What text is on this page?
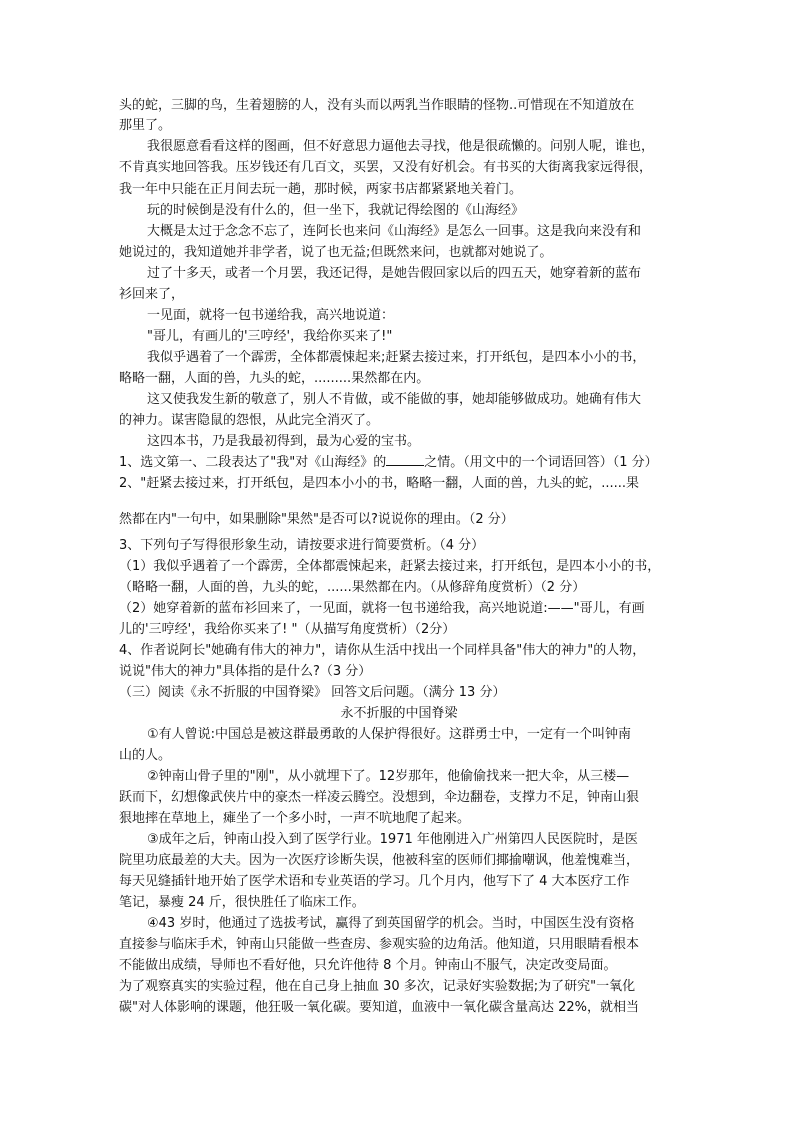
头的蛇，三脚的鸟，生着翅膀的人，没有头而以两乳当作眼睛的怪物..可惜现在不知道放在
那里了。
我很愿意看看这样的图画，但不好意思力逼他去寻找，他是很疏懒的。问别人呢，谁也，
不肯真实地回答我。压岁钱还有几百文，买罢，又没有好机会。有书买的大街离我家远得很，
我一年中只能在正月间去玩一趟，那时候，两家书店都紧紧地关着门。
玩的时候倒是没有什么的，但一坐下，我就记得绘图的《山海经》
大概是太过于念念不忘了，连阿长也来问《山海经》是怎么一回事。这是我向来没有和
她说过的，我知道她并非学者，说了也无益;但既然来问，也就都对她说了。
过了十多天，或者一个月罢，我还记得，是她告假回家以后的四五天，她穿着新的蓝布
衫回来了，
一见面，就将一包书递给我，高兴地说道：
"哥儿，有画儿的'三哼经'，我给你买来了!"
我似乎遇着了一个霹雳，全体都震悚起来;赶紧去接过来，打开纸包，是四本小小的书，
略略一翻，人面的兽，九头的蛇，.........果然都在内。
这又使我发生新的敬意了，别人不肯做，或不能做的事，她却能够做成功。她确有伟大
的神力。谋害隐鼠的怨恨，从此完全消灭了。
这四本书，乃是我最初得到，最为心爱的宝书。
1、选文第一、二段表达了"我"对《山海经》的	之情。（用文中的一个词语回答）（1 分）
2、"赶紧去接过来，打开纸包，是四本小小的书，略略一翻，人面的兽，九头的蛇，......果
然都在内"一句中，如果删除"果然"是否可以?说说你的理由。（2 分）
3、下列句子写得很形象生动，请按要求进行简要赏析。（4 分）
（1）我似乎遇着了一个霹雳，全体都震悚起来，赶紧去接过来，打开纸包，是四本小小的书，
（略略一翻，人面的兽，九头的蛇，......果然都在内。（从修辞角度赏析）（2 分）
（2）她穿着新的蓝布衫回来了，一见面，就将一包书递给我，高兴地说道:——"哥儿，有画
儿的'三哼经'，我给你买来了! "（从描写角度赏析）（2分）
4、作者说阿长"她确有伟大的神力"，请你从生活中找出一个同样具备"伟大的神力"的人物，
说说"伟大的神力"具体指的是什么?（3 分）
（三）阅读《永不折服的中国脊梁》 回答文后问题。（满分 13 分）
永不折服的中国脊梁
①有人曾说:中国总是被这群最勇敢的人保护得很好。这群勇士中，一定有一个叫钟南
山的人。
②钟南山骨子里的"刚"，从小就埋下了。12岁那年，他偷偷找来一把大伞，从三楼—
跃而下，幻想像武侠片中的豪杰一样凌云腾空。没想到，伞边翻卷，支撑力不足，钟南山狠
狠地摔在草地上，瘫坐了一个多小时，一声不吭地爬了起来。
③成年之后，钟南山投入到了医学行业。1971 年他刚进入广州第四人民医院时，是医
院里功底最差的大夫。因为一次医疗诊断失误，他被科室的医师们揶揄嘲讽，他羞愧难当，
每天见缝插针地开始了医学术语和专业英语的学习。几个月内，他写下了 4 大本医疗工作
笔记，暴瘦 24 斤，很快胜任了临床工作。
④43 岁时，他通过了选拔考试，赢得了到英国留学的机会。当时，中国医生没有资格
直接参与临床手术，钟南山只能做一些查房、参观实验的边角活。他知道，只用眼睛看根本
不能做出成绩，导师也不看好他，只允许他待 8 个月。钟南山不服气，决定改变局面。
为了观察真实的实验过程，他在自己身上抽血 30 多次，记录好实验数据;为了研究"一氧化
碳"对人体影响的课题，他狂吸一氧化碳。要知道，血液中一氧化碳含量高达 22%，就相当
